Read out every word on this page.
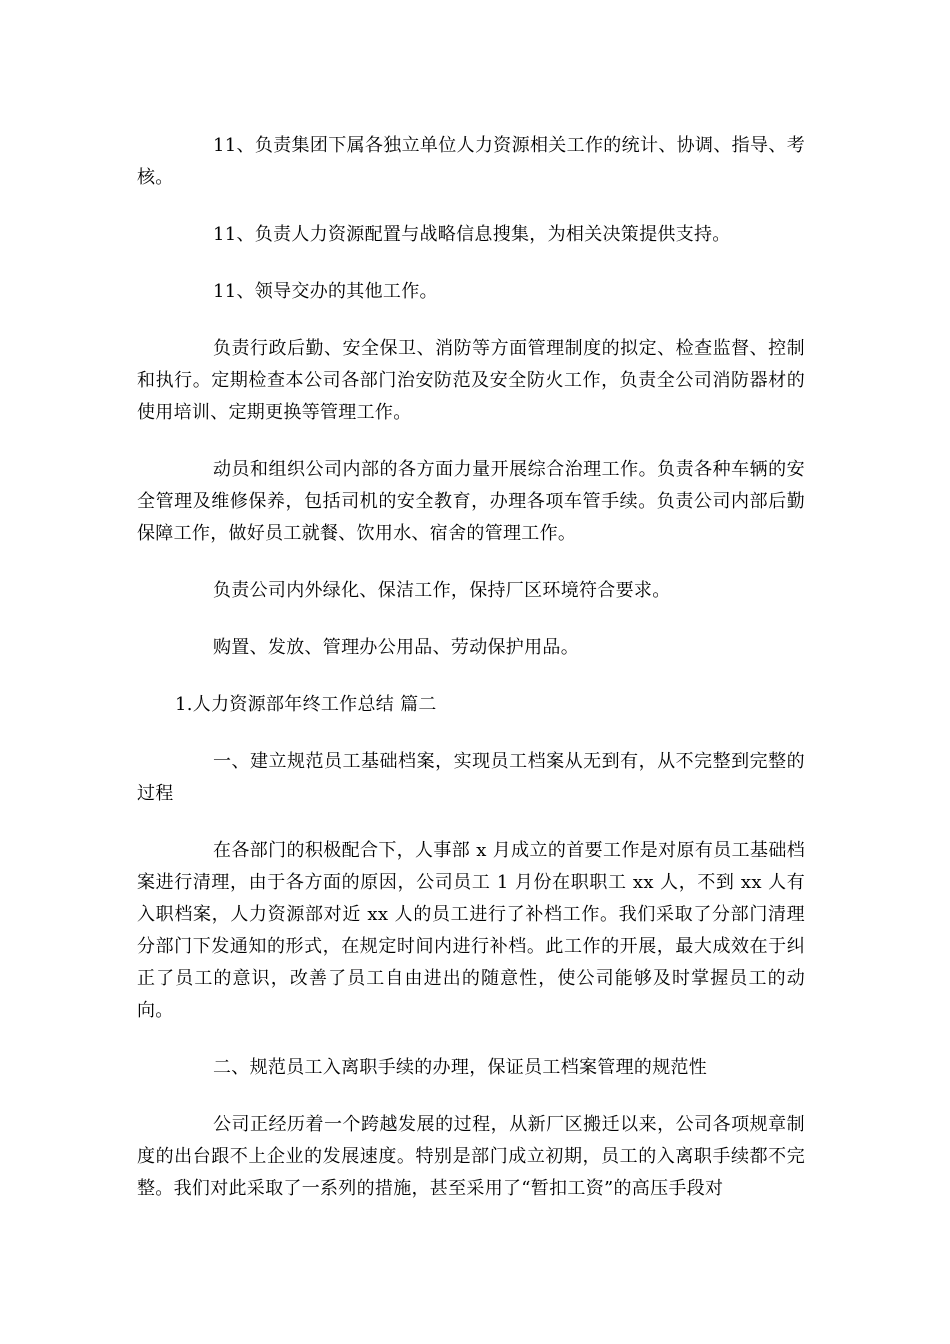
11、负责集团下属各独立单位人力资源相关工作的统计、协调、指导、考核。

11、负责人力资源配置与战略信息搜集，为相关决策提供支持。

11、领导交办的其他工作。

负责行政后勤、安全保卫、消防等方面管理制度的拟定、检查监督、控制和执行。定期检查本公司各部门治安防范及安全防火工作，负责全公司消防器材的使用培训、定期更换等管理工作。

动员和组织公司内部的各方面力量开展综合治理工作。负责各种车辆的安全管理及维修保养，包括司机的安全教育，办理各项车管手续。负责公司内部后勤保障工作，做好员工就餐、饮用水、宿舍的管理工作。

负责公司内外绿化、保洁工作，保持厂区环境符合要求。

购置、发放、管理办公用品、劳动保护用品。

1.人力资源部年终工作总结 篇二

一、建立规范员工基础档案，实现员工档案从无到有，从不完整到完整的过程

在各部门的积极配合下，人事部 x 月成立的首要工作是对原有员工基础档案进行清理，由于各方面的原因，公司员工 1 月份在职职工 xx 人，不到 xx 人有入职档案，人力资源部对近 xx 人的员工进行了补档工作。我们采取了分部门清理分部门下发通知的形式，在规定时间内进行补档。此工作的开展，最大成效在于纠正了员工的意识，改善了员工自由进出的随意性，使公司能够及时掌握员工的动向。

二、规范员工入离职手续的办理，保证员工档案管理的规范性

公司正经历着一个跨越发展的过程，从新厂区搬迁以来，公司各项规章制度的出台跟不上企业的发展速度。特别是部门成立初期，员工的入离职手续都不完整。我们对此采取了一系列的措施，甚至采用了“暂扣工资”的高压手段对
